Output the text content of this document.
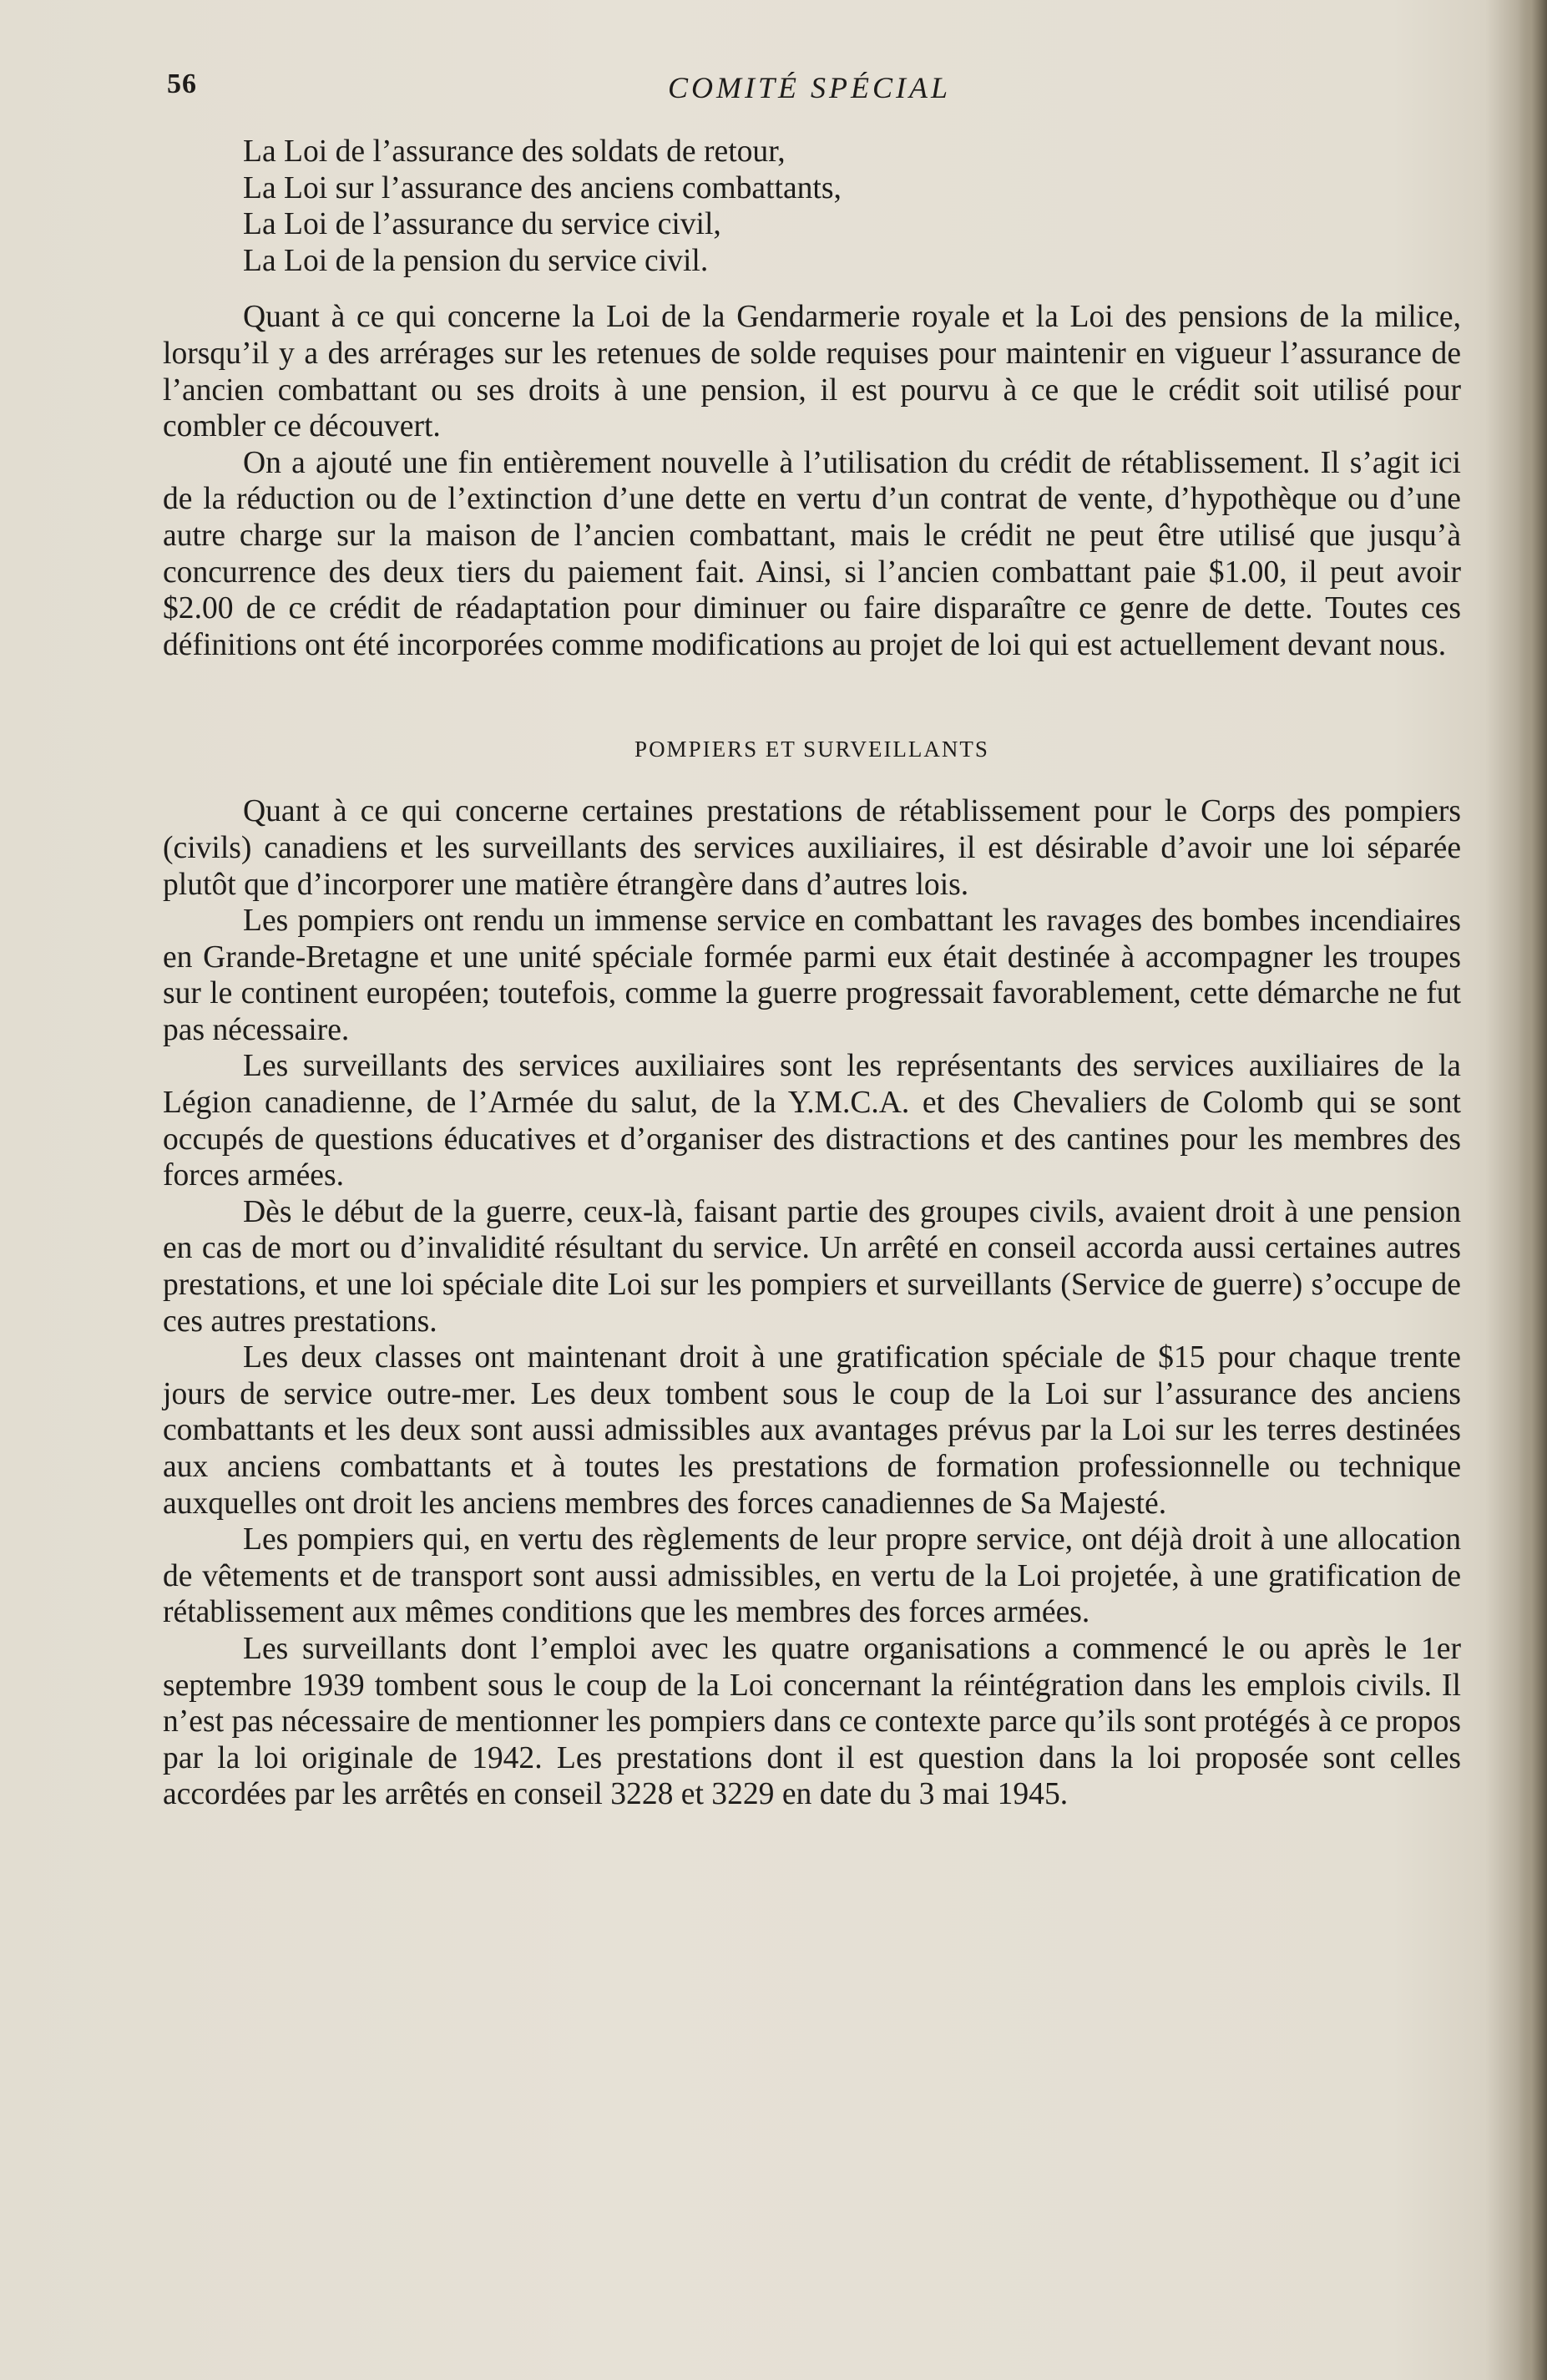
56	COMITÉ SPÉCIAL
La Loi de l’assurance des soldats de retour,
La Loi sur l’assurance des anciens combattants,
La Loi de l’assurance du service civil,
La Loi de la pension du service civil.

Quant à ce qui concerne la Loi de la Gendarmerie royale et la Loi des pensions de la milice, lorsqu’il y a des arrérages sur les retenues de solde requises pour maintenir en vigueur l’assurance de l’ancien combattant ou ses droits à une pension, il est pourvu à ce que le crédit soit utilisé pour combler ce découvert.

On a ajouté une fin entièrement nouvelle à l’utilisation du crédit de rétablissement. Il s’agit ici de la réduction ou de l’extinction d’une dette en vertu d’un contrat de vente, d’hypothèque ou d’une autre charge sur la maison de l’ancien combattant, mais le crédit ne peut être utilisé que jusqu’à concurrence des deux tiers du paiement fait. Ainsi, si l’ancien combattant paie $1.00, il peut avoir $2.00 de ce crédit de réadaptation pour diminuer ou faire disparaître ce genre de dette. Toutes ces définitions ont été incorporées comme modifications au projet de loi qui est actuellement devant nous.

POMPIERS ET SURVEILLANTS

Quant à ce qui concerne certaines prestations de rétablissement pour le Corps des pompiers (civils) canadiens et les surveillants des services auxiliaires, il est désirable d’avoir une loi séparée plutôt que d’incorporer une matière étrangère dans d’autres lois.

Les pompiers ont rendu un immense service en combattant les ravages des bombes incendiaires en Grande-Bretagne et une unité spéciale formée parmi eux était destinée à accompagner les troupes sur le continent européen; toutefois, comme la guerre progressait favorablement, cette démarche ne fut pas nécessaire.

Les surveillants des services auxiliaires sont les représentants des services auxiliaires de la Légion canadienne, de l’Armée du salut, de la Y.M.C.A. et des Chevaliers de Colomb qui se sont occupés de questions éducatives et d’organiser des distractions et des cantines pour les membres des forces armées.

Dès le début de la guerre, ceux-là, faisant partie des groupes civils, avaient droit à une pension en cas de mort ou d’invalidité résultant du service. Un arrêté en conseil accorda aussi certaines autres prestations, et une loi spéciale dite Loi sur les pompiers et surveillants (Service de guerre) s’occupe de ces autres prestations.

Les deux classes ont maintenant droit à une gratification spéciale de $15 pour chaque trente jours de service outre-mer. Les deux tombent sous le coup de la Loi sur l’assurance des anciens combattants et les deux sont aussi admissibles aux avantages prévus par la Loi sur les terres destinées aux anciens combattants et à toutes les prestations de formation professionnelle ou technique auxquelles ont droit les anciens membres des forces canadiennes de Sa Majesté.

Les pompiers qui, en vertu des règlements de leur propre service, ont déjà droit à une allocation de vêtements et de transport sont aussi admissibles, en vertu de la Loi projetée, à une gratification de rétablissement aux mêmes conditions que les membres des forces armées.

Les surveillants dont l’emploi avec les quatre organisations a commencé le ou après le 1er septembre 1939 tombent sous le coup de la Loi concernant la réintégration dans les emplois civils. Il n’est pas nécessaire de mentionner les pompiers dans ce contexte parce qu’ils sont protégés à ce propos par la loi originale de 1942. Les prestations dont il est question dans la loi proposée sont celles accordées par les arrêtés en conseil 3228 et 3229 en date du 3 mai 1945.
